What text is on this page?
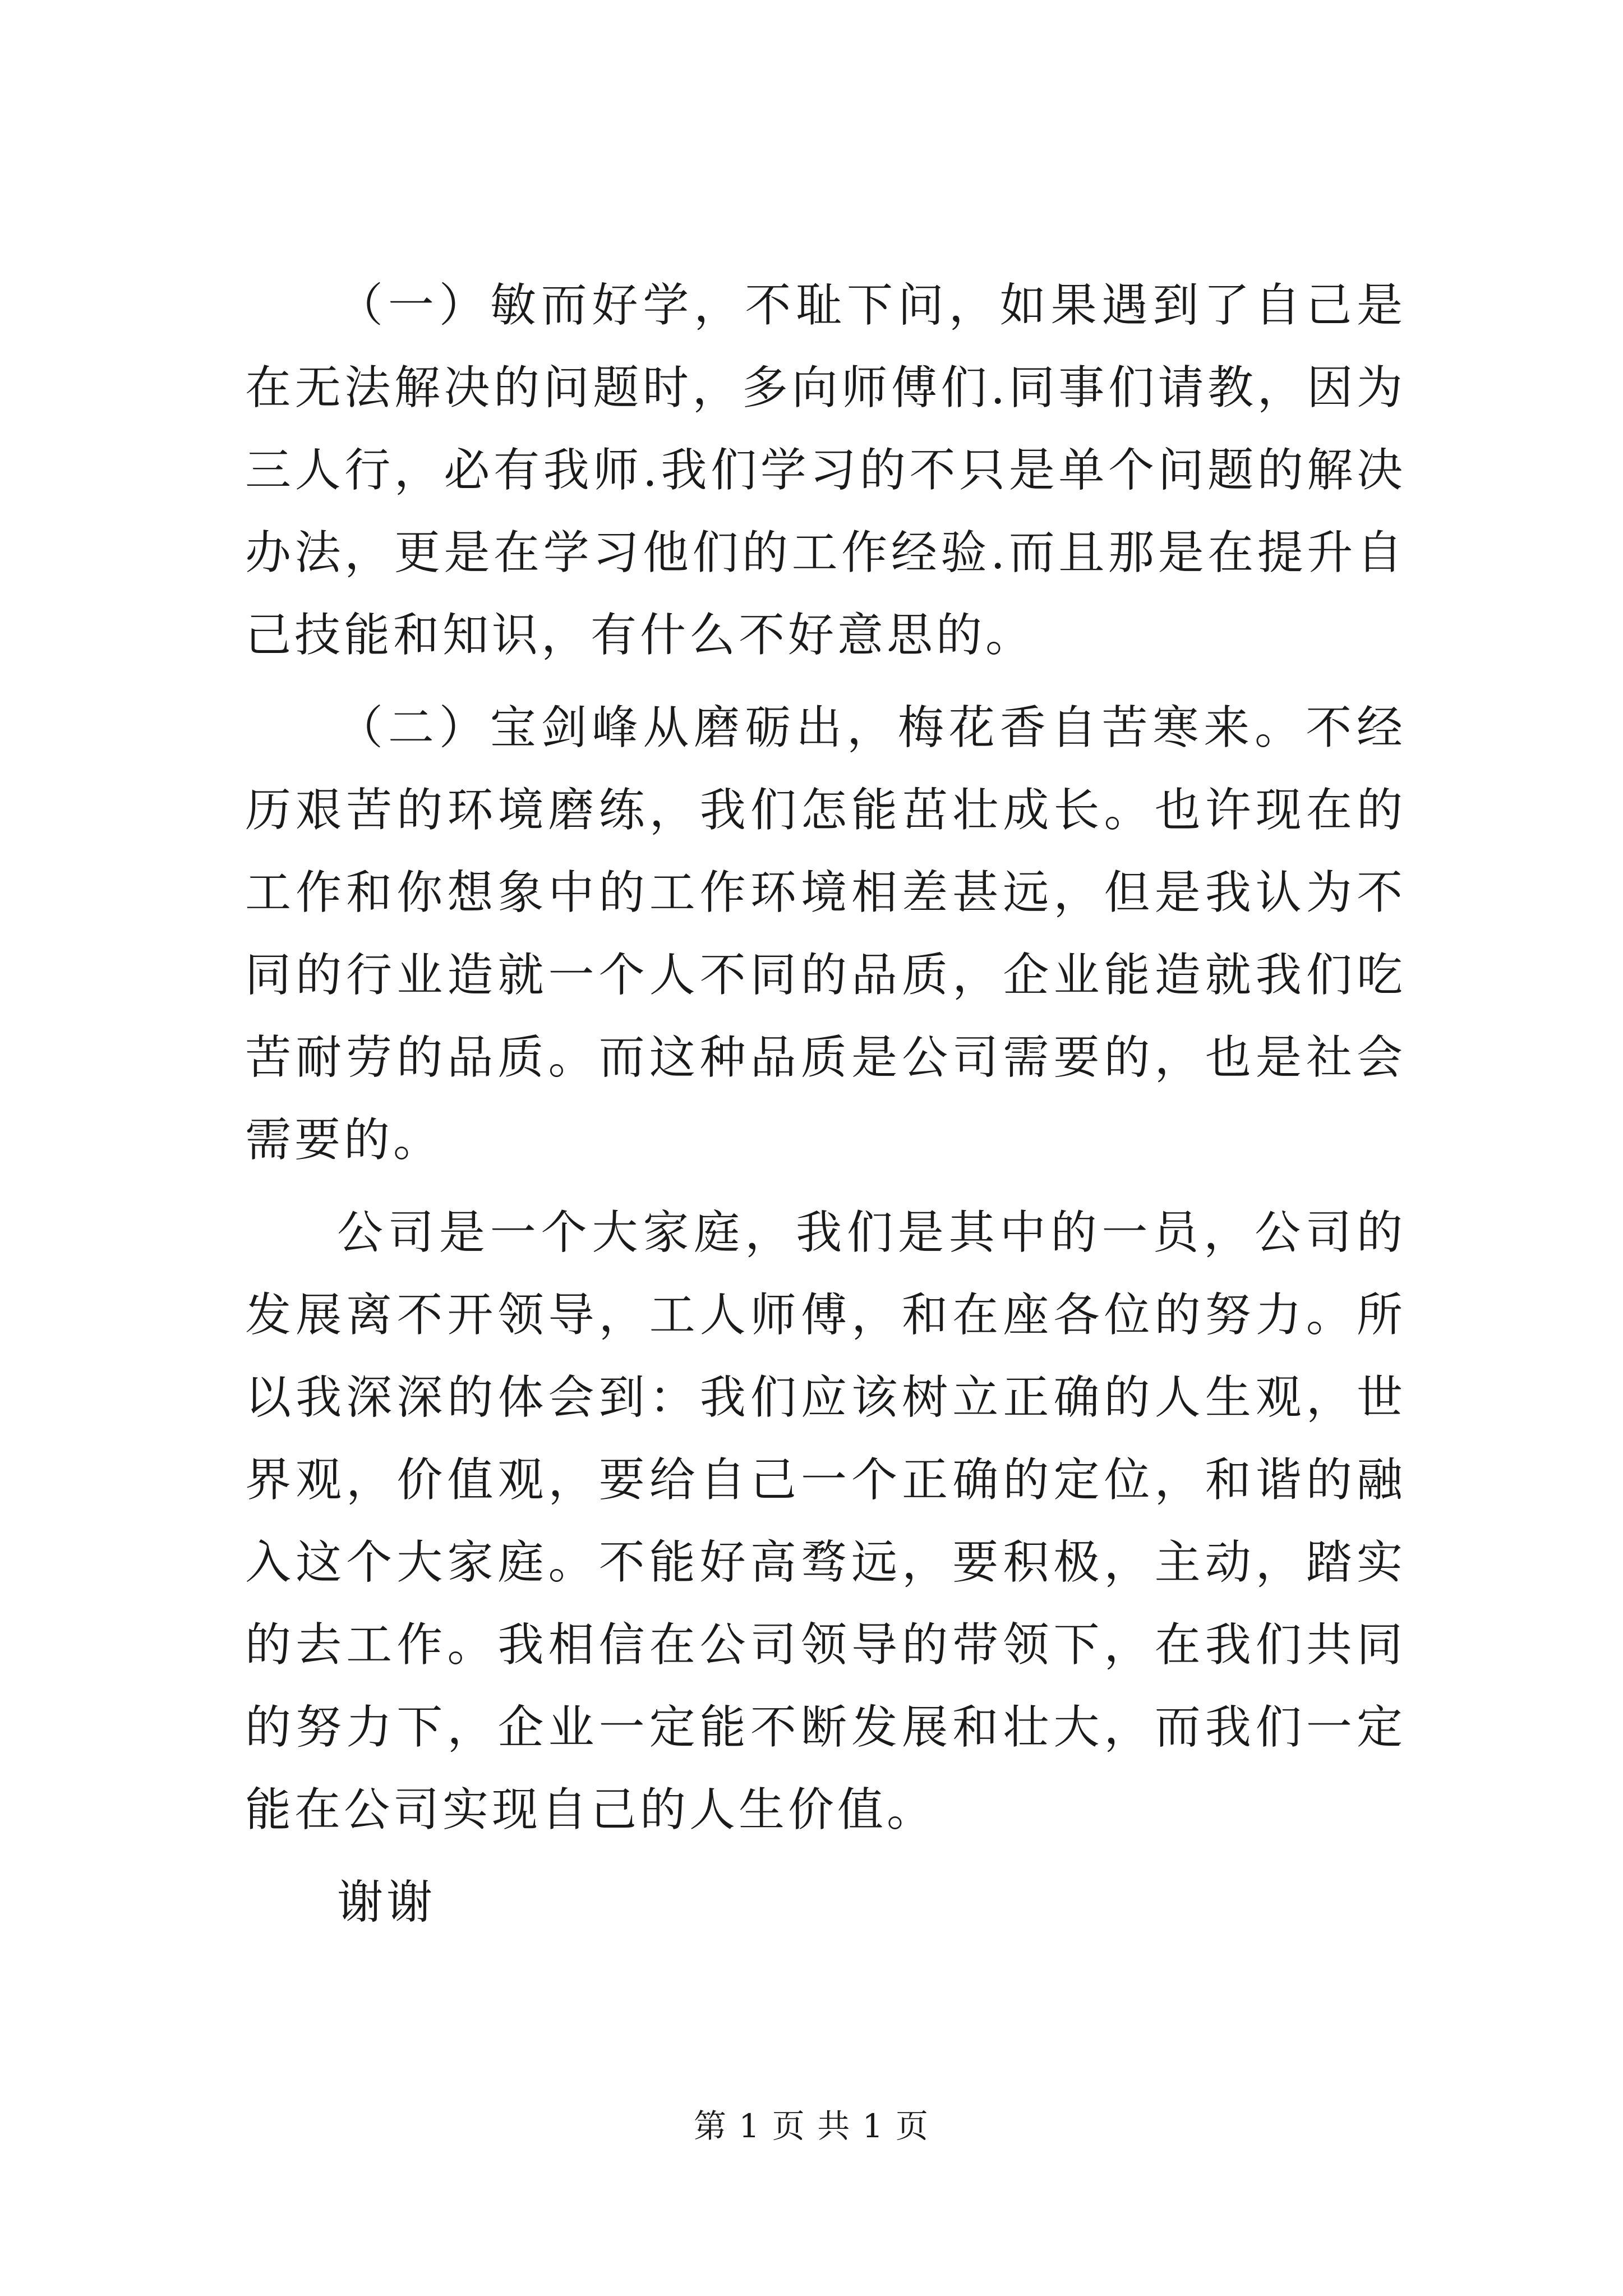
（一）敏而好学，不耻下问，如果遇到了自己是在无法解决的问题时，多向师傅们.同事们请教，因为三人行，必有我师.我们学习的不只是单个问题的解决办法，更是在学习他们的工作经验.而且那是在提升自己技能和知识，有什么不好意思的。

（二）宝剑峰从磨砺出，梅花香自苦寒来。不经历艰苦的环境磨练，我们怎能茁壮成长。也许现在的工作和你想象中的工作环境相差甚远，但是我认为不同的行业造就一个人不同的品质，企业能造就我们吃苦耐劳的品质。而这种品质是公司需要的，也是社会需要的。

公司是一个大家庭，我们是其中的一员，公司的发展离不开领导，工人师傅，和在座各位的努力。所以我深深的体会到：我们应该树立正确的人生观，世界观，价值观，要给自己一个正确的定位，和谐的融入这个大家庭。不能好高骛远，要积极，主动，踏实的去工作。我相信在公司领导的带领下，在我们共同的努力下，企业一定能不断发展和壮大，而我们一定能在公司实现自己的人生价值。

谢谢

第 1 页 共 1 页
